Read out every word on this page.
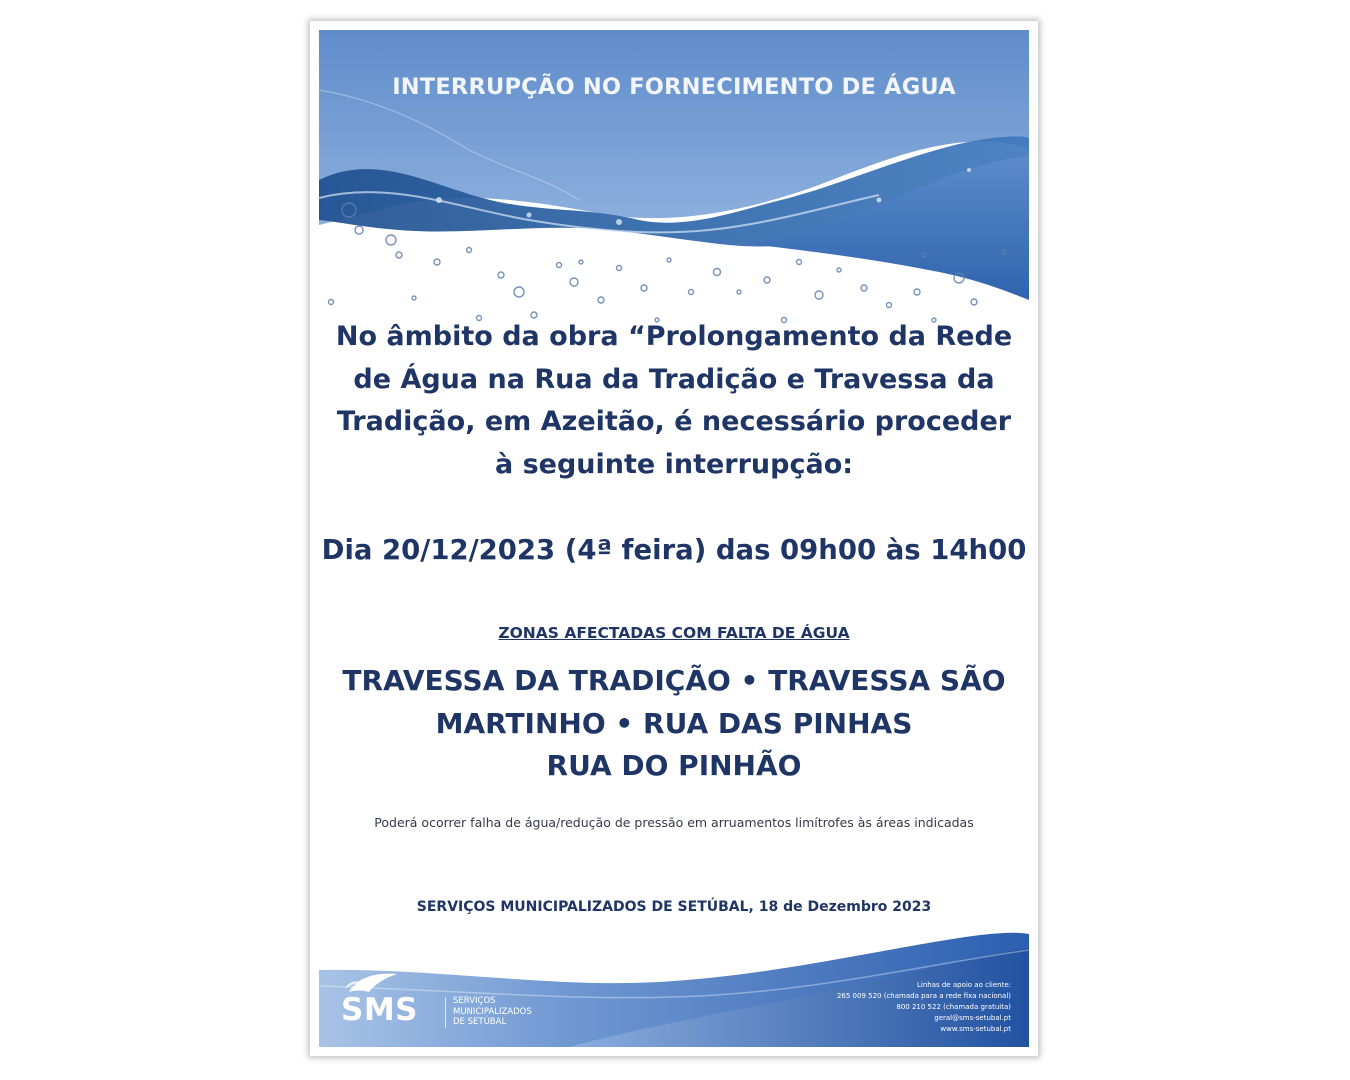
INTERRUPÇÃO NO FORNECIMENTO DE ÁGUA
No âmbito da obra “Prolongamento da Rede de Água na Rua da Tradição e Travessa da Tradição, em Azeitão, é necessário proceder à seguinte interrupção:
Dia 20/12/2023 (4ª feira) das 09h00 às 14h00
ZONAS AFECTADAS COM FALTA DE ÁGUA
TRAVESSA DA TRADIÇÃO • TRAVESSA SÃO
MARTINHO • RUA DAS PINHAS
RUA DO PINHÃO
Poderá ocorrer falha de água/redução de pressão em arruamentos limítrofes às áreas indicadas
SERVIÇOS MUNICIPALIZADOS DE SETÚBAL, 18 de Dezembro 2023
SMS	SERVIÇOS
MUNICIPALIZADOS
DE SETÚBAL
Linhas de apoio ao cliente:
265 009 520 (chamada para a rede fixa nacional)
800 210 522 (chamada gratuita)
geral@sms-setubal.pt
www.sms-setubal.pt
